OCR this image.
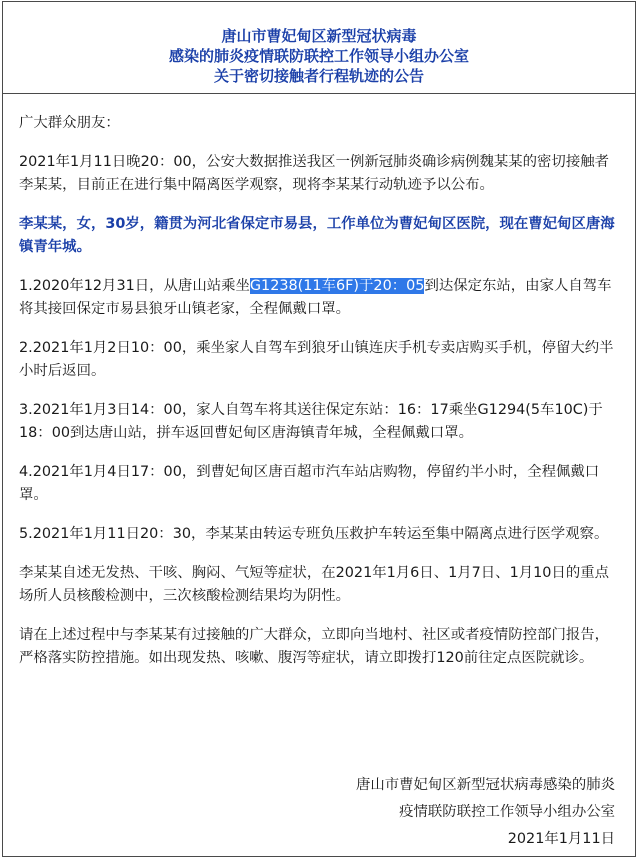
唐山市曹妃甸区新型冠状病毒
感染的肺炎疫情联防联控工作领导小组办公室
关于密切接触者行程轨迹的公告

广大群众朋友：

2021年1月11日晚20：00，公安大数据推送我区一例新冠肺炎确诊病例魏某某的密切接触者李某某，目前正在进行集中隔离医学观察，现将李某某行动轨迹予以公布。

李某某，女，30岁，籍贯为河北省保定市易县，工作单位为曹妃甸区医院，现在曹妃甸区唐海镇青年城。

1.2020年12月31日，从唐山站乘坐G1238(11车6F)于20：05到达保定东站，由家人自驾车将其接回保定市易县狼牙山镇老家，全程佩戴口罩。

2.2021年1月2日10：00，乘坐家人自驾车到狼牙山镇连庆手机专卖店购买手机，停留大约半小时后返回。

3.2021年1月3日14：00，家人自驾车将其送往保定东站：16：17乘坐G1294(5车10C)于18：00到达唐山站，拼车返回曹妃甸区唐海镇青年城，全程佩戴口罩。

4.2021年1月4日17：00，到曹妃甸区唐百超市汽车站店购物，停留约半小时，全程佩戴口罩。

5.2021年1月11日20：30，李某某由转运专班负压救护车转运至集中隔离点进行医学观察。

李某某自述无发热、干咳、胸闷、气短等症状，在2021年1月6日、1月7日、1月10日的重点场所人员核酸检测中，三次核酸检测结果均为阴性。

请在上述过程中与李某某有过接触的广大群众，立即向当地村、社区或者疫情防控部门报告，严格落实防控措施。如出现发热、咳嗽、腹泻等症状，请立即拨打120前往定点医院就诊。

唐山市曹妃甸区新型冠状病毒感染的肺炎
疫情联防联控工作领导小组办公室
2021年1月11日
